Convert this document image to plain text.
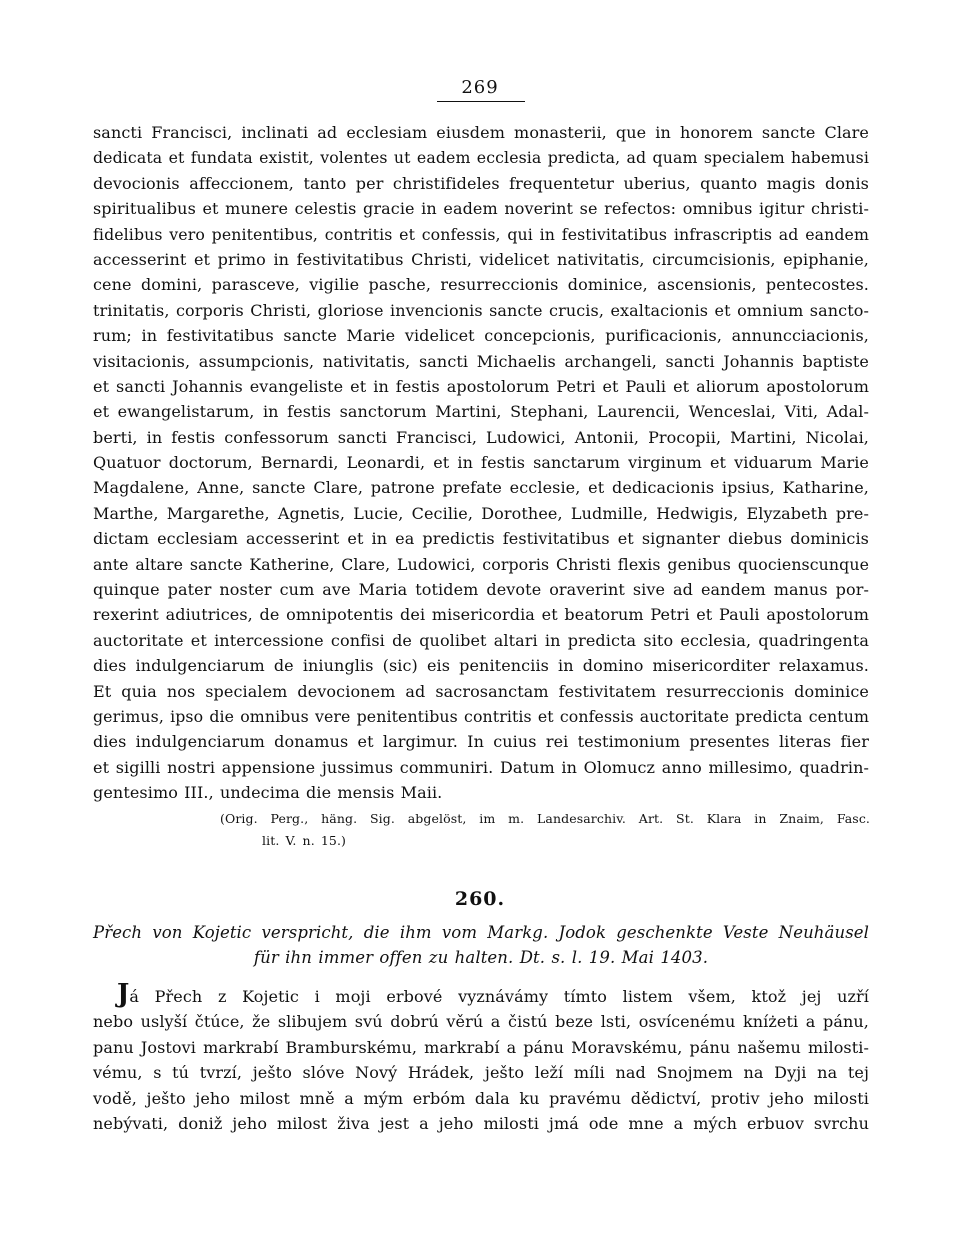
269
sancti Francisci, inclinati ad ecclesiam eiusdem monasterii, que in honorem sancte Clare
dedicata et fundata existit, volentes ut eadem ecclesia predicta, ad quam specialem habemusi
devocionis affeccionem, tanto per christifideles frequentetur uberius, quanto magis donis
spiritualibus et munere celestis gracie in eadem noverint se refectos: omnibus igitur christi-
fidelibus vero penitentibus, contritis et confessis, qui in festivitatibus infrascriptis ad eandem
accesserint et primo in festivitatibus Christi, videlicet nativitatis, circumcisionis, epiphanie,
cene domini, parasceve, vigilie pasche, resurreccionis dominice, ascensionis, pentecostes.
trinitatis, corporis Christi, gloriose invencionis sancte crucis, exaltacionis et omnium sancto-
rum; in festivitatibus sancte Marie videlicet concepcionis, purificacionis, annuncciacionis,
visitacionis, assumpcionis, nativitatis, sancti Michaelis archangeli, sancti Johannis baptiste
et sancti Johannis evangeliste et in festis apostolorum Petri et Pauli et aliorum apostolorum
et ewangelistarum, in festis sanctorum Martini, Stephani, Laurencii, Wenceslai, Viti, Adal-
berti, in festis confessorum sancti Francisci, Ludowici, Antonii, Procopii, Martini, Nicolai,
Quatuor doctorum, Bernardi, Leonardi, et in festis sanctarum virginum et viduarum Marie
Magdalene, Anne, sancte Clare, patrone prefate ecclesie, et dedicacionis ipsius, Katharine,
Marthe, Margarethe, Agnetis, Lucie, Cecilie, Dorothee, Ludmille, Hedwigis, Elyzabeth pre-
dictam ecclesiam accesserint et in ea predictis festivitatibus et signanter diebus dominicis
ante altare sancte Katherine, Clare, Ludowici, corporis Christi flexis genibus quocienscunque
quinque pater noster cum ave Maria totidem devote oraverint sive ad eandem manus por-
rexerint adiutrices, de omnipotentis dei misericordia et beatorum Petri et Pauli apostolorum
auctoritate et intercessione confisi de quolibet altari in predicta sito ecclesia, quadringenta
dies indulgenciarum de iniunglis (sic) eis penitenciis in domino misericorditer relaxamus.
Et quia nos specialem devocionem ad sacrosanctam festivitatem resurreccionis dominice
gerimus, ipso die omnibus vere penitentibus contritis et confessis auctoritate predicta centum
dies indulgenciarum donamus et largimur. In cuius rei testimonium presentes literas fier
et sigilli nostri appensione jussimus communiri. Datum in Olomucz anno millesimo, quadrin-
gentesimo III., undecima die mensis Maii.
(Orig. Perg., häng. Sig. abgelöst, im m. Landesarchiv. Art. St. Klara in Znaim, Fasc.
lit. V. n. 15.)
260.
Přech von Kojetic verspricht, die ihm vom Markg. Jodok geschenkte Veste Neuhäusel
für ihn immer offen zu halten. Dt. s. l. 19. Mai 1403.
Já Přech z Kojetic i moji erbové vyznávámy tímto listem všem, ktož jej uzří
nebo uslyší čtúce, že slibujem svú dobrú věrú a čistú beze lsti, osvícenému kníżeti a pánu,
panu Jostovi markrabí Bramburskému, markrabí a pánu Moravskému, pánu našemu milosti-
vému, s tú tvrzí, ješto slóve Nový Hrádek, ješto leží míli nad Snojmem na Dyji na tej
vodě, ješto jeho milost mně a mým erbóm dala ku pravému dědictví, protiv jeho milosti
nebývati, doniž jeho milost živa jest a jeho milosti jmá ode mne a mých erbuov svrchu
